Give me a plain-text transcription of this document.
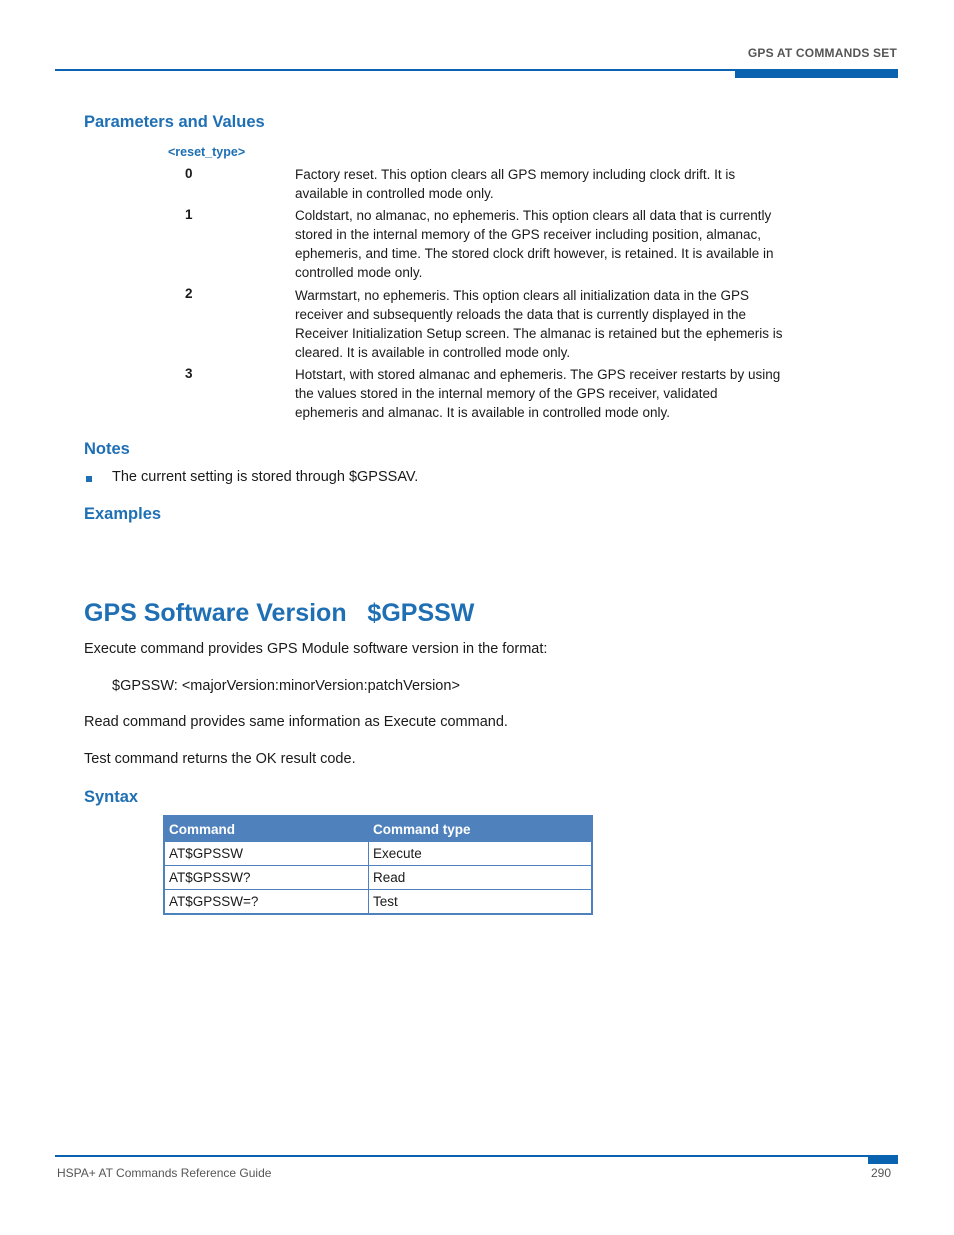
GPS AT COMMANDS SET
Parameters and Values
<reset_type>
0	Factory reset. This option clears all GPS memory including clock drift. It is
available in controlled mode only.
1	Coldstart, no almanac, no ephemeris. This option clears all data that is currently
stored in the internal memory of the GPS receiver including position, almanac,
ephemeris, and time. The stored clock drift however, is retained. It is available in
controlled mode only.
2	Warmstart, no ephemeris. This option clears all initialization data in the GPS
receiver and subsequently reloads the data that is currently displayed in the
Receiver Initialization Setup screen. The almanac is retained but the ephemeris is
cleared. It is available in controlled mode only.
3	Hotstart, with stored almanac and ephemeris. The GPS receiver restarts by using
the values stored in the internal memory of the GPS receiver, validated
ephemeris and almanac. It is available in controlled mode only.
Notes
The current setting is stored through $GPSSAV.
Examples
GPS Software Version   $GPSSW
Execute command provides GPS Module software version in the format:
$GPSSW: <majorVersion:minorVersion:patchVersion>
Read command provides same information as Execute command.
Test command returns the OK result code.
Syntax
Command	Command type
AT$GPSSW	Execute
AT$GPSSW?	Read
AT$GPSSW=?	Test
HSPA+ AT Commands Reference Guide	290
